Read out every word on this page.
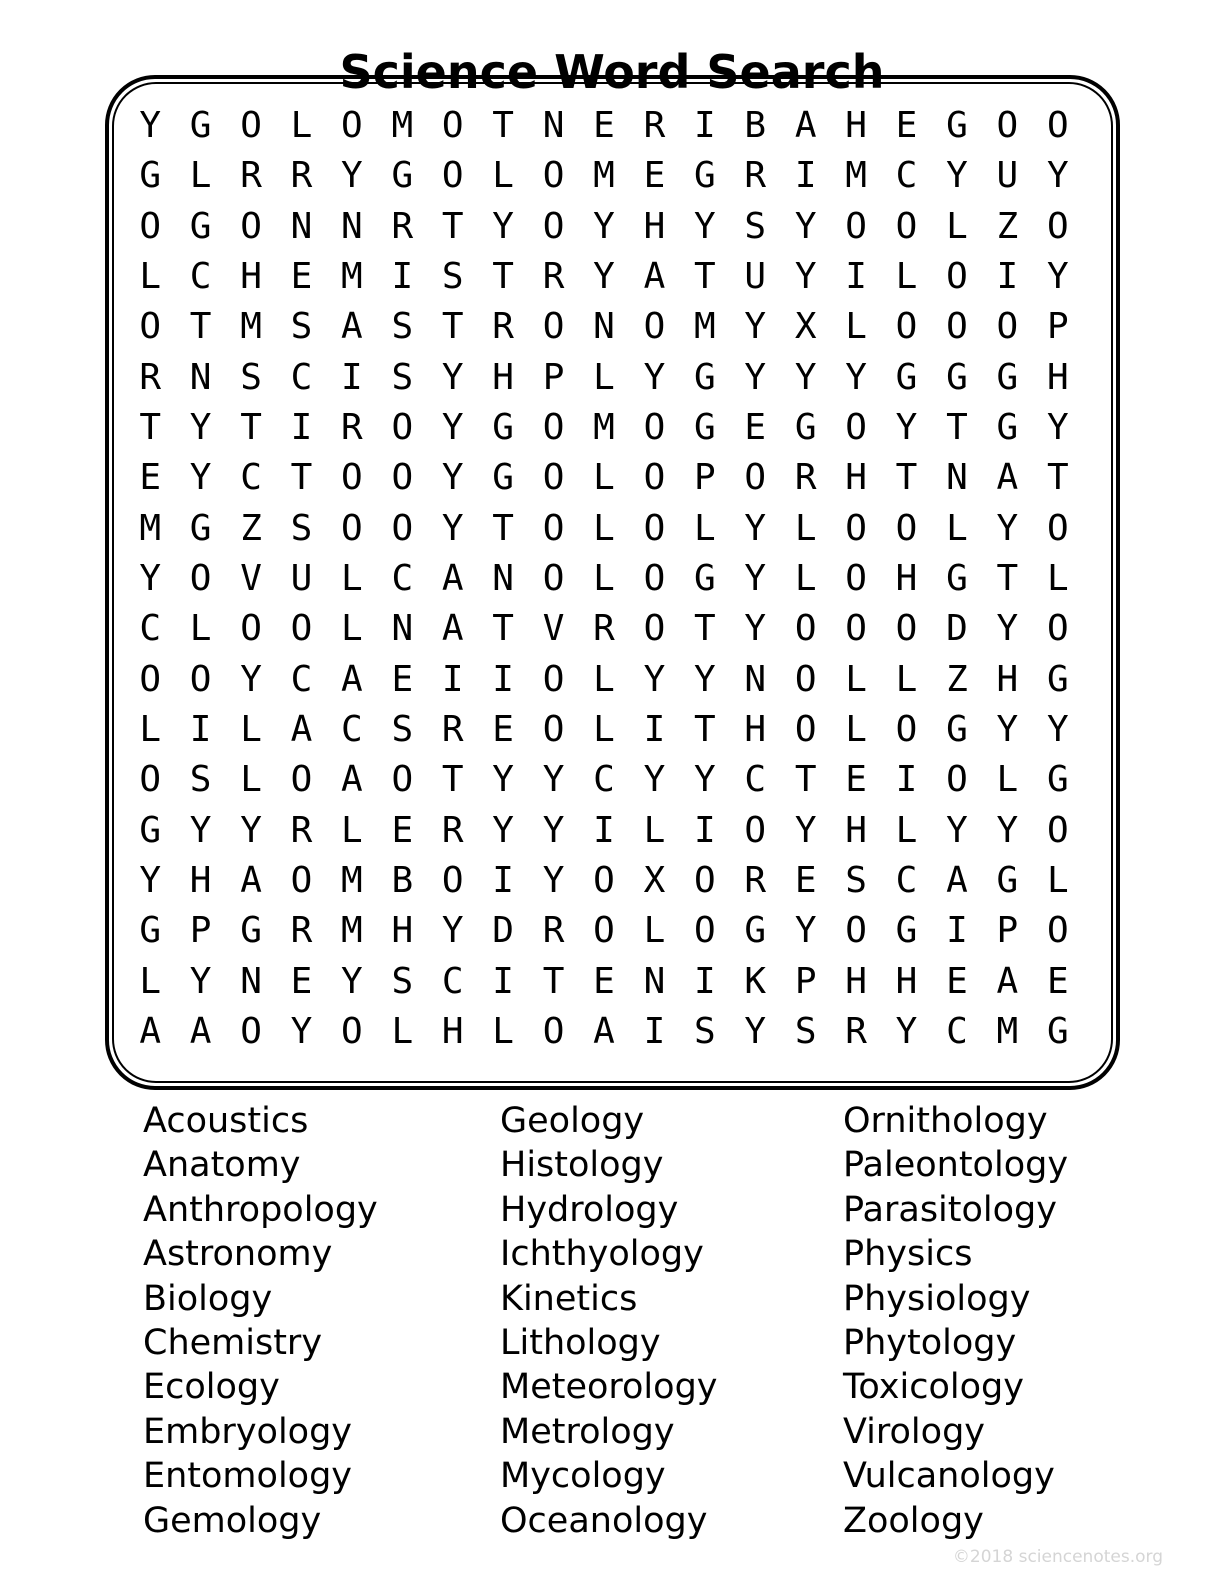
Science Word Search
Y G O L O M O T N E R I B A H E G O O
G L R R Y G O L O M E G R I M C Y U Y
O G O N N R T Y O Y H Y S Y O O L Z O
L C H E M I S T R Y A T U Y I L O I Y
O T M S A S T R O N O M Y X L O O O P
R N S C I S Y H P L Y G Y Y Y G G G H
T Y T I R O Y G O M O G E G O Y T G Y
E Y C T O O Y G O L O P O R H T N A T
M G Z S O O Y T O L O L Y L O O L Y O
Y O V U L C A N O L O G Y L O H G T L
C L O O L N A T V R O T Y O O O D Y O
O O Y C A E I I O L Y Y N O L L Z H G
L I L A C S R E O L I T H O L O G Y Y
O S L O A O T Y Y C Y Y C T E I O L G
G Y Y R L E R Y Y I L I O Y H L Y Y O
Y H A O M B O I Y O X O R E S C A G L
G P G R M H Y D R O L O G Y O G I P O
L Y N E Y S C I T E N I K P H H E A E
A A O Y O L H L O A I S Y S R Y C M G
Acoustics
Anatomy
Anthropology
Astronomy
Biology
Chemistry
Ecology
Embryology
Entomology
Gemology
Geology
Histology
Hydrology
Ichthyology
Kinetics
Lithology
Meteorology
Metrology
Mycology
Oceanology
Ornithology
Paleontology
Parasitology
Physics
Physiology
Phytology
Toxicology
Virology
Vulcanology
Zoology
©2018 sciencenotes.org
